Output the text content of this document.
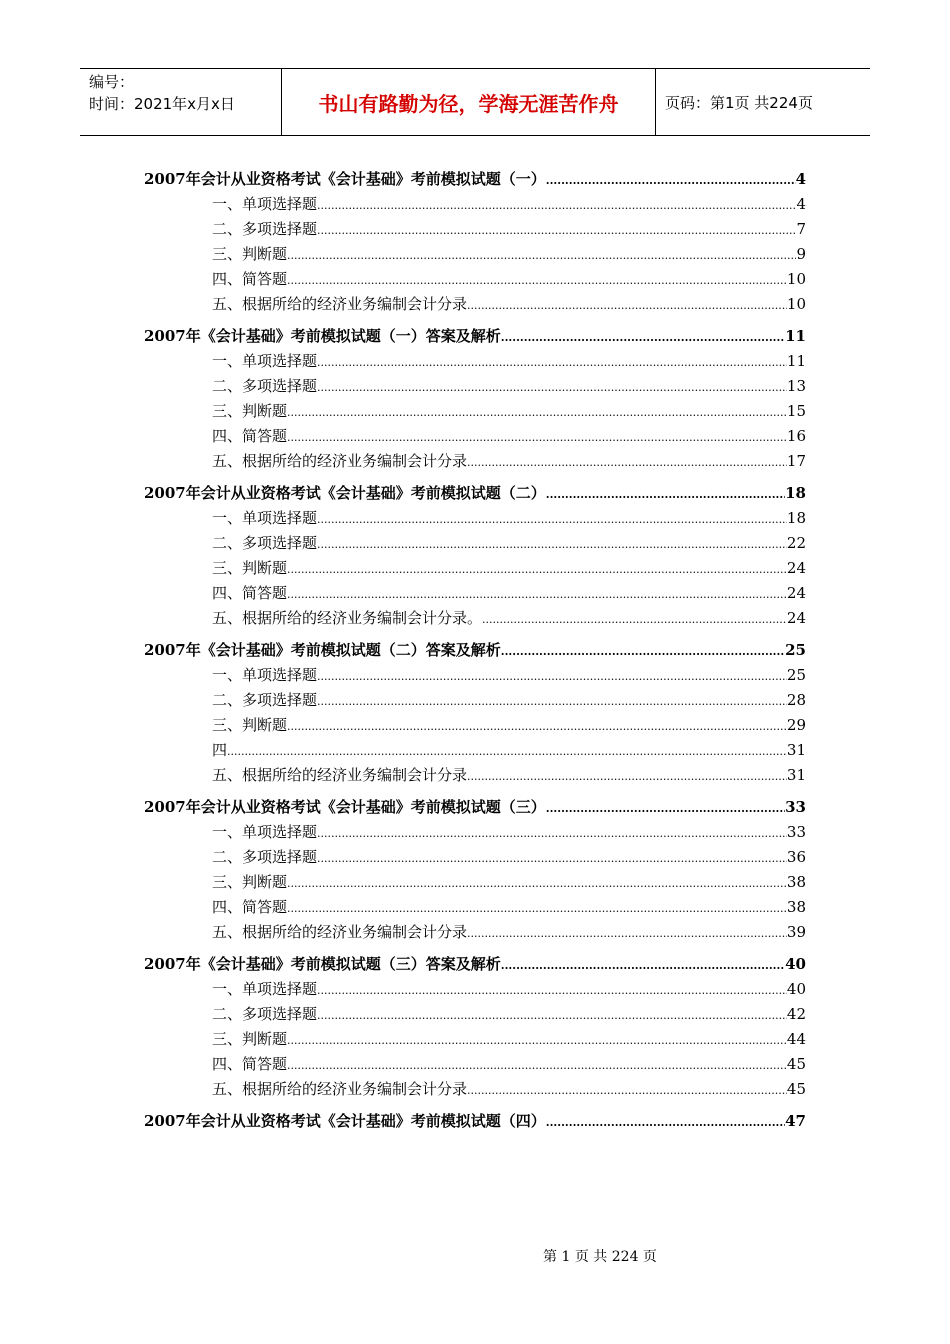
编号：
时间：2021年x月x日	书山有路勤为径，学海无涯苦作舟	页码：第1页 共224页
2007年会计从业资格考试《会计基础》考前模拟试题（一） .....	4
一、单项选择题 .....	4
二、多项选择题 .....	7
三、判断题 .....	9
四、简答题 .....	10
五、根据所给的经济业务编制会计分录 .....	10
2007年《会计基础》考前模拟试题（一）答案及解析 .....	11
一、单项选择题 .....	11
二、多项选择题 .....	13
三、判断题 .....	15
四、简答题 .....	16
五、根据所给的经济业务编制会计分录 .....	17
2007年会计从业资格考试《会计基础》考前模拟试题（二） .....	18
一、单项选择题 .....	18
二、多项选择题 .....	22
三、判断题 .....	24
四、简答题 .....	24
五、根据所给的经济业务编制会计分录。 .....	24
2007年《会计基础》考前模拟试题（二）答案及解析 .....	25
一、单项选择题 .....	25
二、多项选择题 .....	28
三、判断题 .....	29
四 .....	31
五、根据所给的经济业务编制会计分录 .....	31
2007年会计从业资格考试《会计基础》考前模拟试题（三） .....	33
一、单项选择题 .....	33
二、多项选择题 .....	36
三、判断题 .....	38
四、简答题 .....	38
五、根据所给的经济业务编制会计分录 .....	39
2007年《会计基础》考前模拟试题（三）答案及解析 .....	40
一、单项选择题 .....	40
二、多项选择题 .....	42
三、判断题 .....	44
四、简答题 .....	45
五、根据所给的经济业务编制会计分录 .....	45
2007年会计从业资格考试《会计基础》考前模拟试题（四） .....	47
第 1 页 共 224 页
